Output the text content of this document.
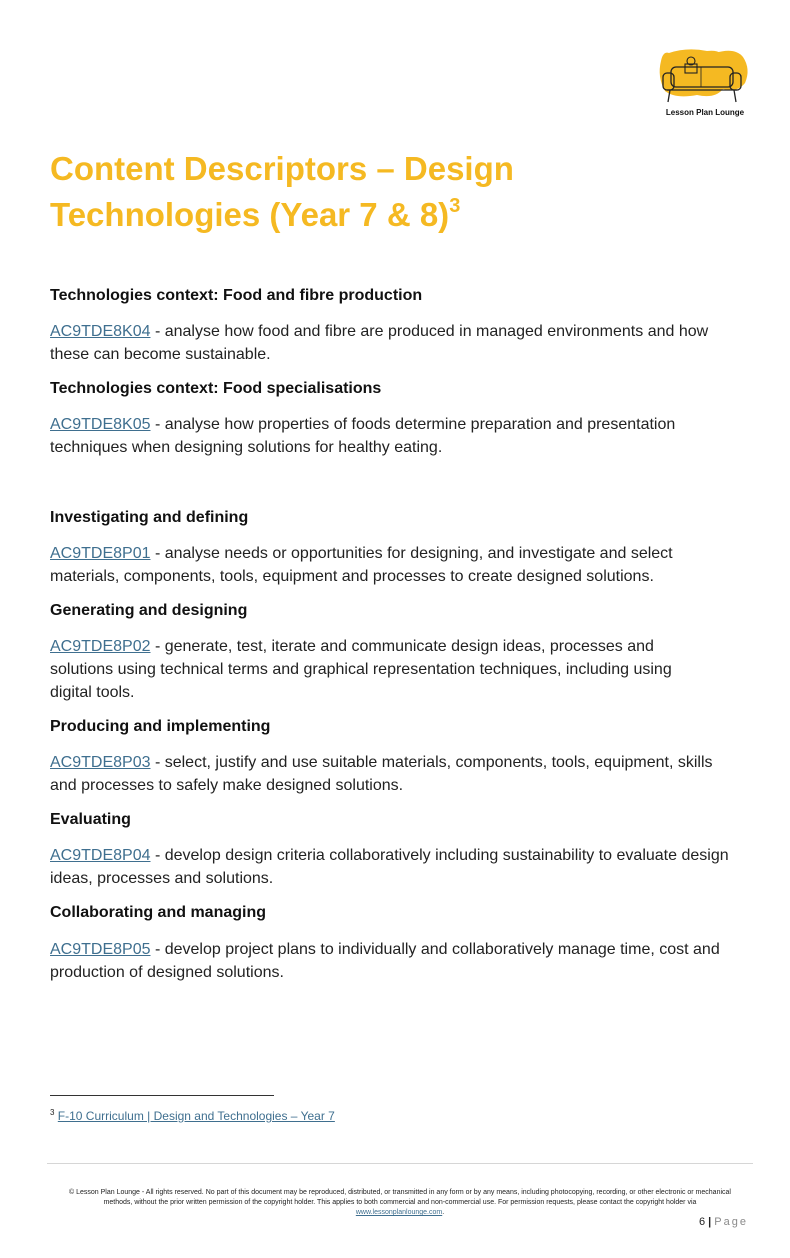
Lesson Plan Lounge
Content Descriptors – Design
Technologies (Year 7 & 8)$^3$
Technologies context: Food and fibre production

AC9TDE8K04 - analyse how food and fibre are produced in managed environments and how these can become sustainable.

Technologies context: Food specialisations

AC9TDE8K05 - analyse how properties of foods determine preparation and presentation techniques when designing solutions for healthy eating.

Investigating and defining

AC9TDE8P01 - analyse needs or opportunities for designing, and investigate and select materials, components, tools, equipment and processes to create designed solutions.

Generating and designing

AC9TDE8P02 - generate, test, iterate and communicate design ideas, processes and solutions using technical terms and graphical representation techniques, including using digital tools.

Producing and implementing

AC9TDE8P03 - select, justify and use suitable materials, components, tools, equipment, skills and processes to safely make designed solutions.

Evaluating

AC9TDE8P04 - develop design criteria collaboratively including sustainability to evaluate design ideas, processes and solutions.

Collaborating and managing

AC9TDE8P05 - develop project plans to individually and collaboratively manage time, cost and production of designed solutions.

$^3$ F-10 Curriculum | Design and Technologies – Year 7

© Lesson Plan Lounge - All rights reserved. No part of this document may be reproduced, distributed, or transmitted in any form or by any means, including photocopying, recording, or other electronic or mechanical methods, without the prior written permission of the copyright holder. This applies to both commercial and non-commercial use. For permission requests, please contact the copyright holder via
www.lessonplanlounge.com.

6 | Page
